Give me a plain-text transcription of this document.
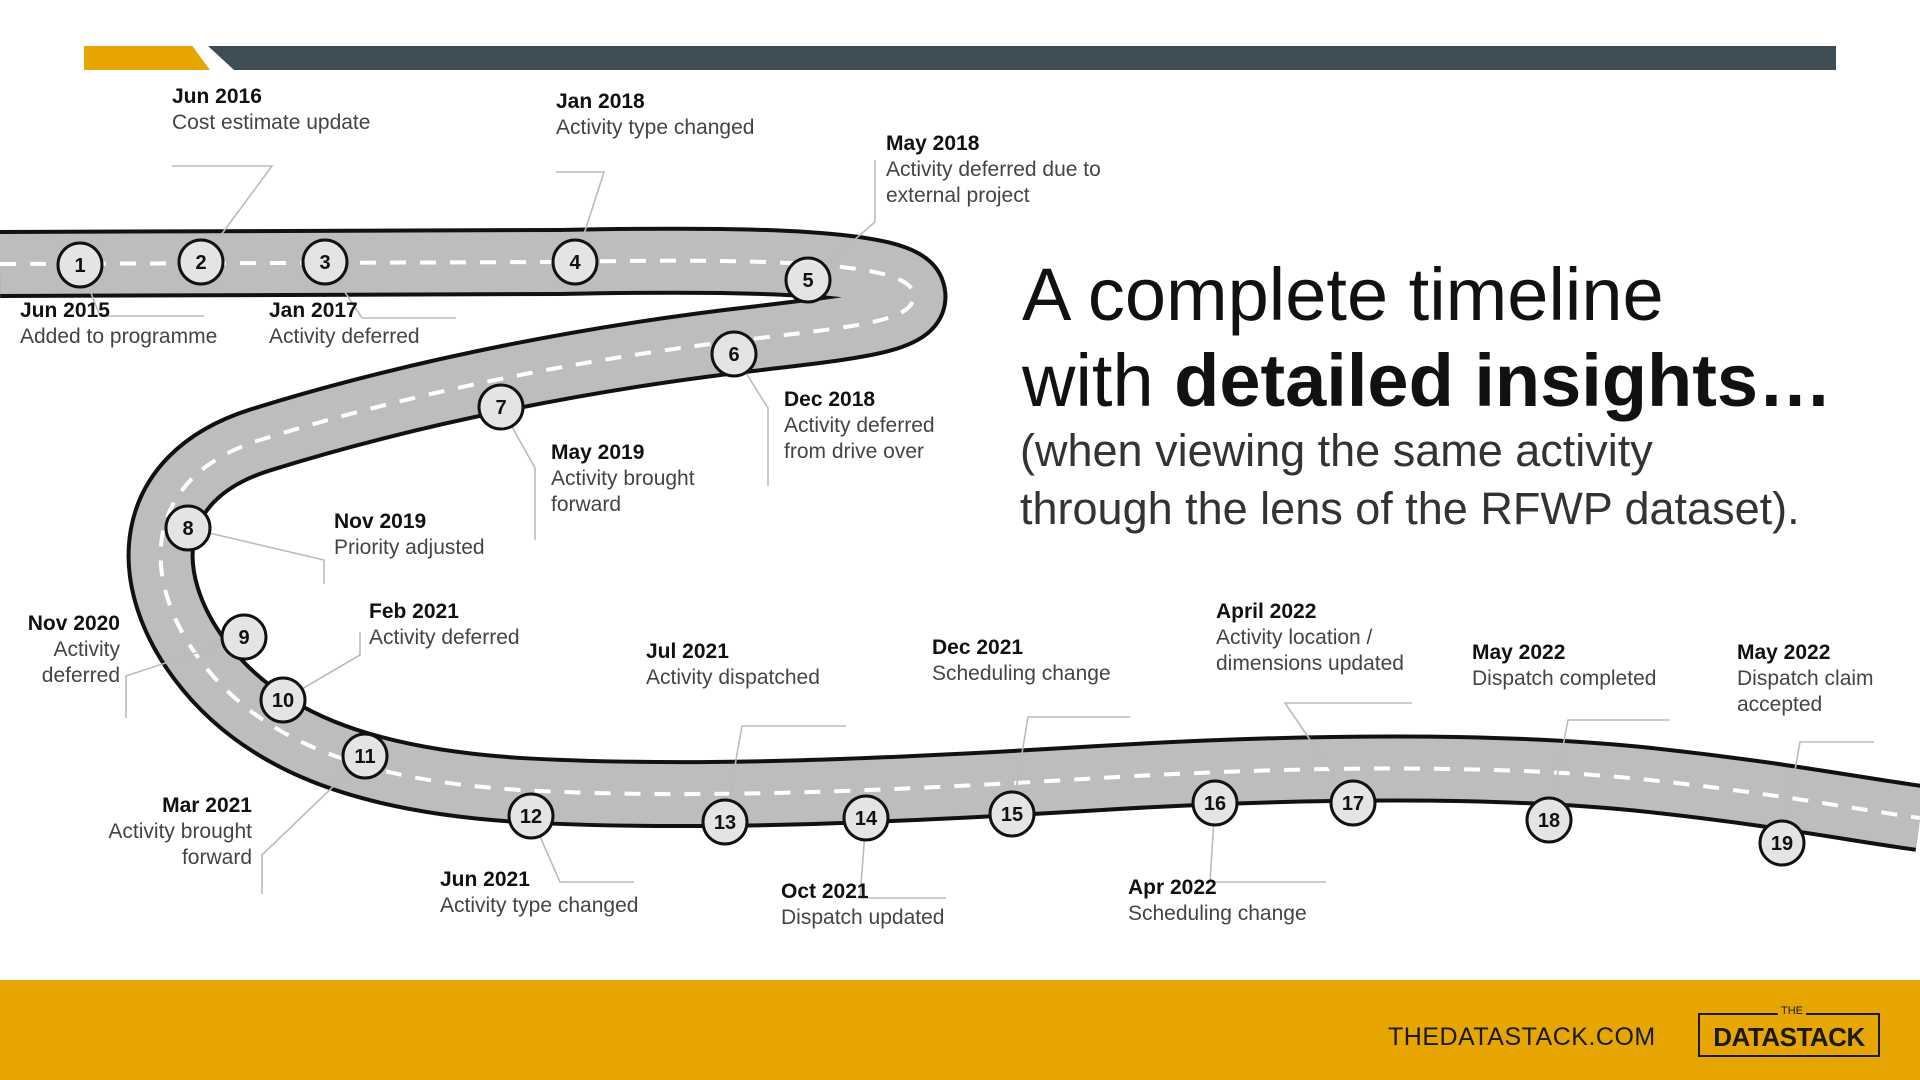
1	2	3	4
5
6
7
8
9
10
11
12	13	14	15	16	17
18
19
Jun 2015
Added to programme
Jun 2016
Cost estimate update
Jan 2017
Activity deferred
Jan 2018
Activity type changed
May 2018
Activity deferred due to
external project
Dec 2018
Activity deferred
from drive over
May 2019
Activity brought
forward
Nov 2019
Priority adjusted
Nov 2020
Activity
deferred
Feb 2021
Activity deferred
Mar 2021
Activity brought
forward
Jun 2021
Activity type changed
Jul 2021
Activity dispatched
Oct 2021
Dispatch updated
Dec 2021
Scheduling change
Apr 2022
Scheduling change
April 2022
Activity location /
dimensions updated	May 2022
Dispatch completed
May 2022
Dispatch claim
accepted
A complete timeline
with detailed insights…
(when viewing the same activity
through the lens of the RFWP dataset).
THEDATASTACK.COM
THE
DATASTACK
